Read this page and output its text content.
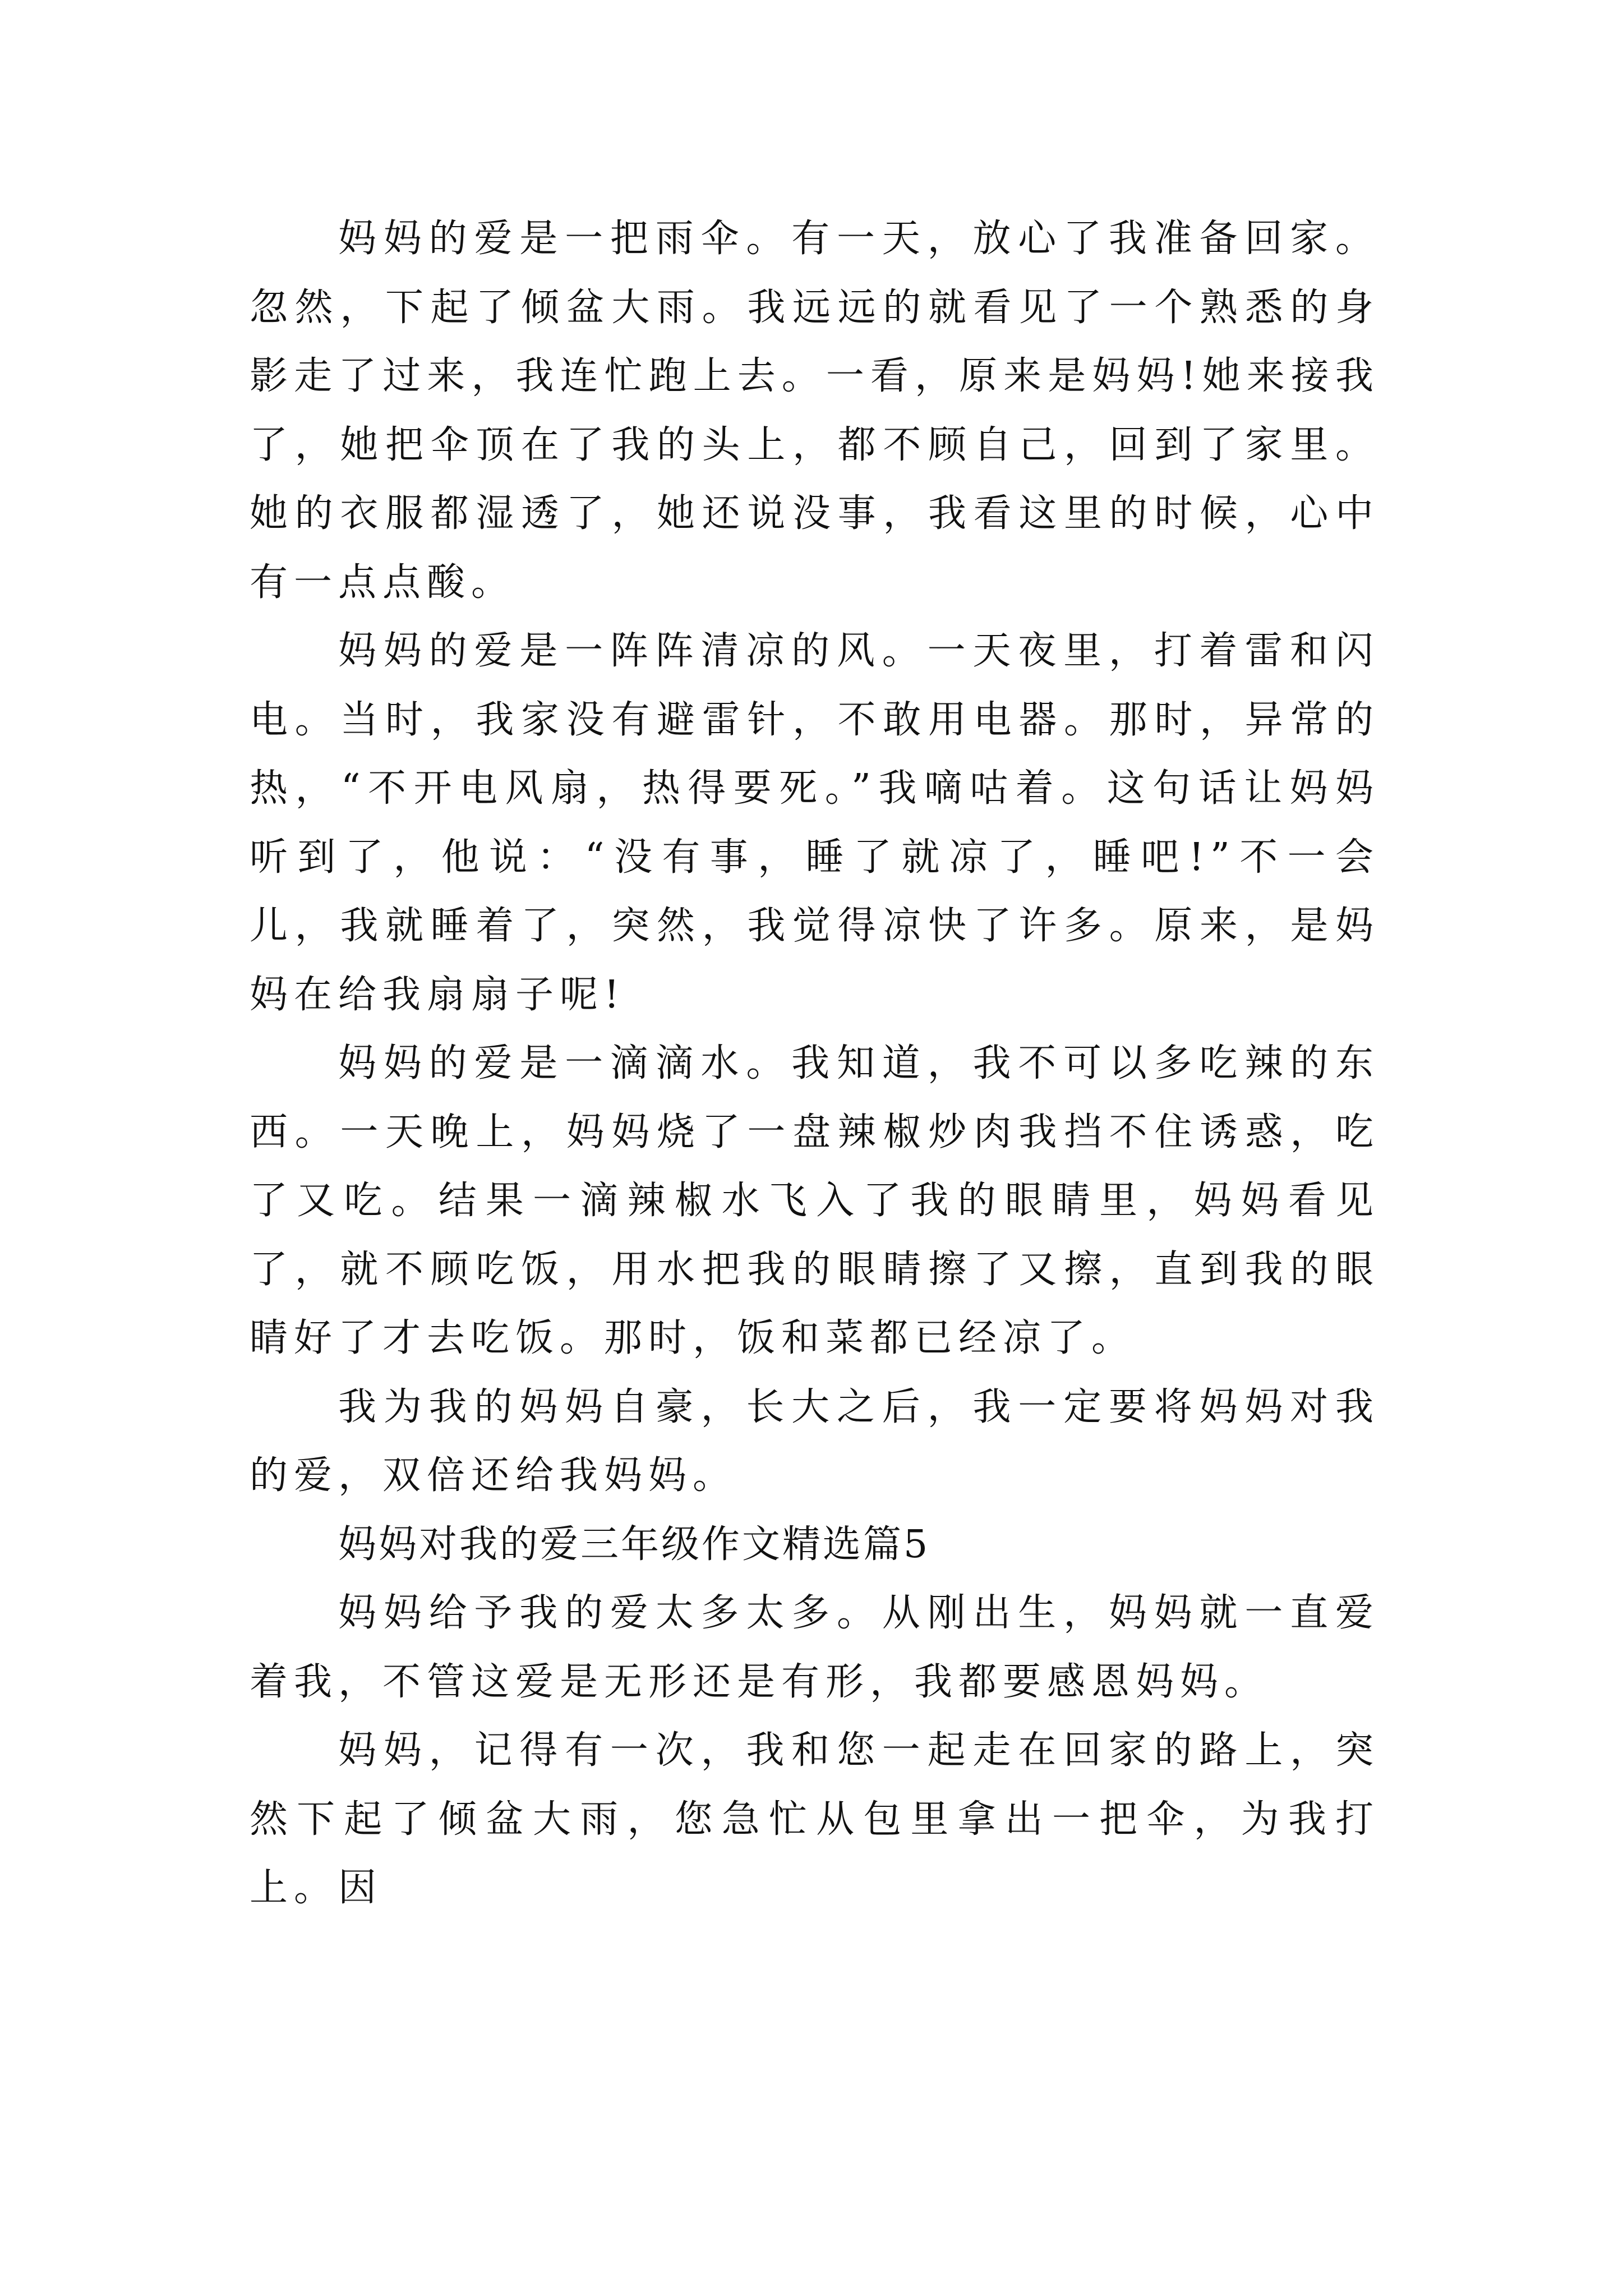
妈妈的爱是一把雨伞。有一天，放心了我准备回家。忽然，下起了倾盆大雨。我远远的就看见了一个熟悉的身影走了过来，我连忙跑上去。一看，原来是妈妈!她来接我了，她把伞顶在了我的头上，都不顾自己，回到了家里。她的衣服都湿透了，她还说没事，我看这里的时候，心中有一点点酸。

妈妈的爱是一阵阵清凉的风。一天夜里，打着雷和闪电。当时，我家没有避雷针，不敢用电器。那时，异常的热，“不开电风扇，热得要死。”我嘀咕着。这句话让妈妈听到了，他说：“没有事，睡了就凉了，睡吧!”不一会儿，我就睡着了，突然，我觉得凉快了许多。原来，是妈妈在给我扇扇子呢!

妈妈的爱是一滴滴水。我知道，我不可以多吃辣的东西。一天晚上，妈妈烧了一盘辣椒炒肉我挡不住诱惑，吃了又吃。结果一滴辣椒水飞入了我的眼睛里，妈妈看见了，就不顾吃饭，用水把我的眼睛擦了又擦，直到我的眼睛好了才去吃饭。那时，饭和菜都已经凉了。

我为我的妈妈自豪，长大之后，我一定要将妈妈对我的爱，双倍还给我妈妈。

妈妈对我的爱三年级作文精选篇5

妈妈给予我的爱太多太多。从刚出生，妈妈就一直爱着我，不管这爱是无形还是有形，我都要感恩妈妈。

妈妈，记得有一次，我和您一起走在回家的路上，突然下起了倾盆大雨，您急忙从包里拿出一把伞，为我打上。因
